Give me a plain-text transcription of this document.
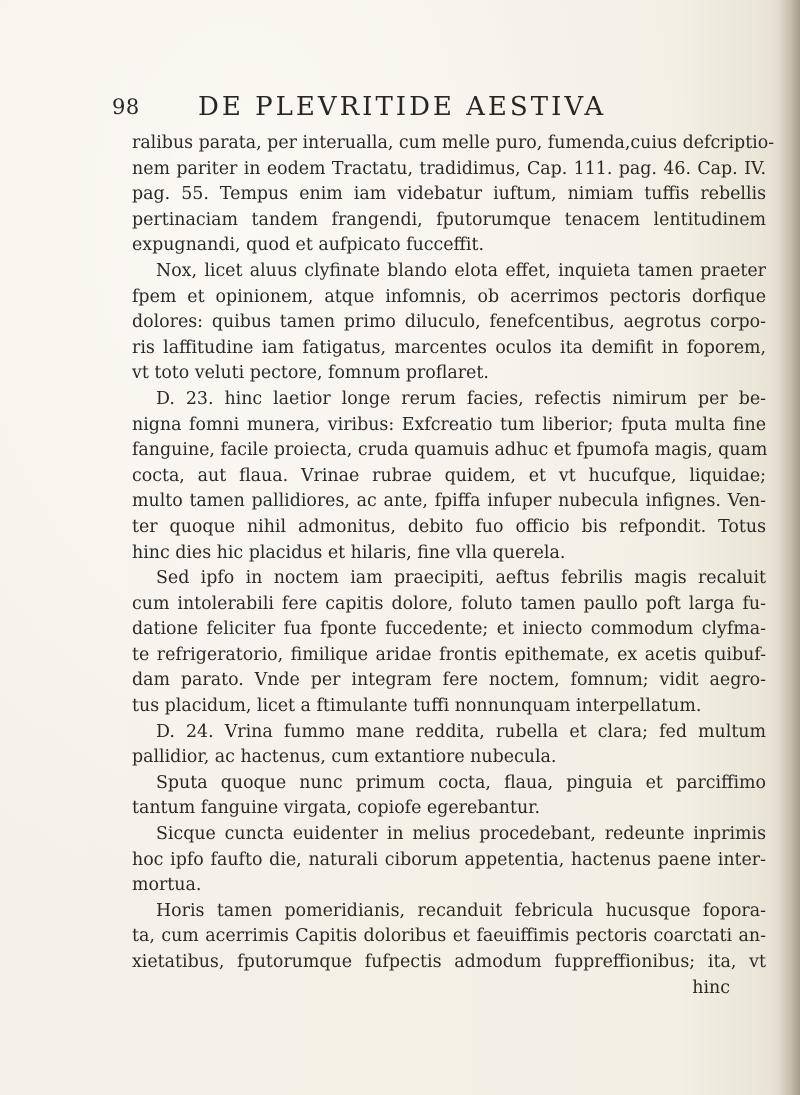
98 DE PLEVRITIDE AESTIVA
ralibus parata, per interualla, cum melle puro, fumenda,cuius defcriptio-
nem pariter in eodem Tractatu, tradidimus, Cap. 111. pag. 46. Cap. IV.
pag. 55. Tempus enim iam videbatur iuftum, nimiam tuffis rebellis
pertinaciam tandem frangendi, fputorumque tenacem lentitudinem
expugnandi, quod et aufpicato fucceffit.
Nox, licet aluus clyfinate blando elota effet, inquieta tamen praeter
fpem et opinionem, atque infomnis, ob acerrimos pectoris dorfique
dolores: quibus tamen primo diluculo, fenefcentibus, aegrotus corpo-
ris laffitudine iam fatigatus, marcentes oculos ita demifit in foporem,
vt toto veluti pectore, fomnum proflaret.
D. 23. hinc laetior longe rerum facies, refectis nimirum per be-
nigna fomni munera, viribus: Exfcreatio tum liberior; fputa multa fine
fanguine, facile proiecta, cruda quamuis adhuc et fpumofa magis, quam
cocta, aut flaua. Vrinae rubrae quidem, et vt hucufque, liquidae;
multo tamen pallidiores, ac ante, fpiffa infuper nubecula infignes. Ven-
ter quoque nihil admonitus, debito fuo officio bis refpondit. Totus
hinc dies hic placidus et hilaris, fine vlla querela.
Sed ipfo in noctem iam praecipiti, aeftus febrilis magis recaluit
cum intolerabili fere capitis dolore, foluto tamen paullo poft larga fu-
datione feliciter fua fponte fuccedente; et iniecto commodum clyfma-
te refrigeratorio, fimilique aridae frontis epithemate, ex acetis quibuf-
dam parato. Vnde per integram fere noctem, fomnum; vidit aegro-
tus placidum, licet a ftimulante tuffi nonnunquam interpellatum.
D. 24. Vrina fummo mane reddita, rubella et clara; fed multum
pallidior, ac hactenus, cum extantiore nubecula.
Sputa quoque nunc primum cocta, flaua, pinguia et parciffimo
tantum fanguine virgata, copiofe egerebantur.
Sicque cuncta euidenter in melius procedebant, redeunte inprimis
hoc ipfo faufto die, naturali ciborum appetentia, hactenus paene inter-
mortua.
Horis tamen pomeridianis, recanduit febricula hucusque fopora-
ta, cum acerrimis Capitis doloribus et faeuiffimis pectoris coarctati an-
xietatibus, fputorumque fufpectis admodum fuppreffionibus; ita, vt
hinc
